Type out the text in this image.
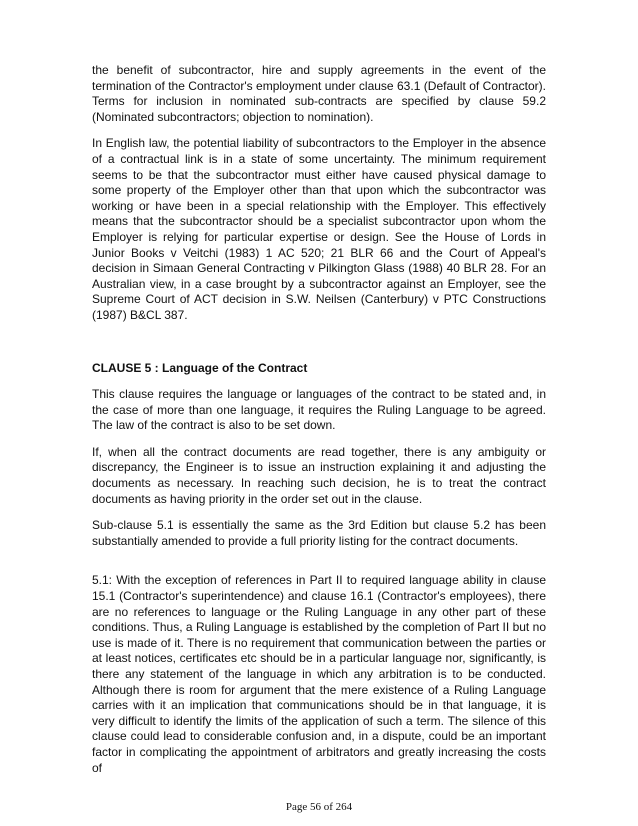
the benefit of subcontractor, hire and supply agreements in the event of the termination of the Contractor's employment under clause 63.1 (Default of Contractor). Terms for inclusion in nominated sub-contracts are specified by clause 59.2 (Nominated subcontractors; objection to nomination).

In English law, the potential liability of subcontractors to the Employer in the absence of a contractual link is in a state of some uncertainty. The minimum requirement seems to be that the subcontractor must either have caused physical damage to some property of the Employer other than that upon which the subcontractor was working or have been in a special relationship with the Employer. This effectively means that the subcontractor should be a specialist subcontractor upon whom the Employer is relying for particular expertise or design. See the House of Lords in Junior Books v Veitchi (1983) 1 AC 520; 21 BLR 66 and the Court of Appeal's decision in Simaan General Contracting v Pilkington Glass (1988) 40 BLR 28. For an Australian view, in a case brought by a subcontractor against an Employer, see the Supreme Court of ACT decision in S.W. Neilsen (Canterbury) v PTC Constructions (1987) B&CL 387.

CLAUSE 5 : Language of the Contract

This clause requires the language or languages of the contract to be stated and, in the case of more than one language, it requires the Ruling Language to be agreed. The law of the contract is also to be set down.

If, when all the contract documents are read together, there is any ambiguity or discrepancy, the Engineer is to issue an instruction explaining it and adjusting the documents as necessary. In reaching such decision, he is to treat the contract documents as having priority in the order set out in the clause.

Sub-clause 5.1 is essentially the same as the 3rd Edition but clause 5.2 has been substantially amended to provide a full priority listing for the contract documents.

5.1: With the exception of references in Part II to required language ability in clause 15.1 (Contractor's superintendence) and clause 16.1 (Contractor's employees), there are no references to language or the Ruling Language in any other part of these conditions. Thus, a Ruling Language is established by the completion of Part II but no use is made of it. There is no requirement that communication between the parties or at least notices, certificates etc should be in a particular language nor, significantly, is there any statement of the language in which any arbitration is to be conducted. Although there is room for argument that the mere existence of a Ruling Language carries with it an implication that communications should be in that language, it is very difficult to identify the limits of the application of such a term. The silence of this clause could lead to considerable confusion and, in a dispute, could be an important factor in complicating the appointment of arbitrators and greatly increasing the costs of

Page 56 of 264
